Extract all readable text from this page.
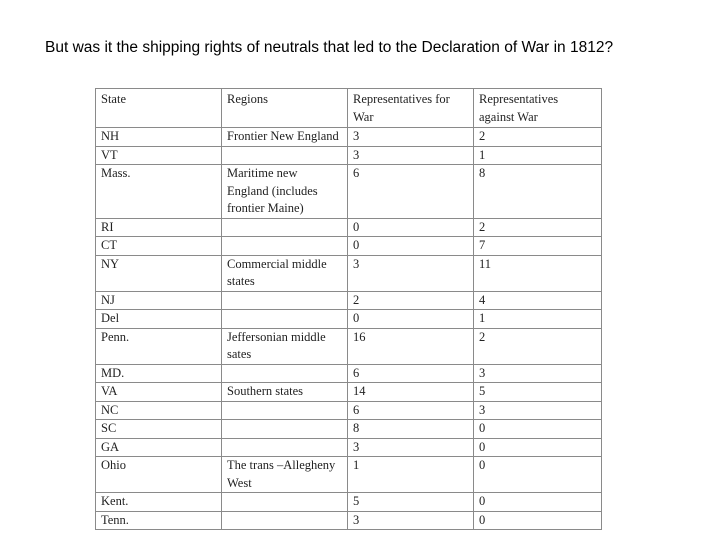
But was it the shipping rights of neutrals that led to the Declaration of War in 1812?
State	Regions	Representatives for War	Representatives against War
NH	Frontier New England	3	2
VT		3	1
Mass.	Maritime new England (includes frontier Maine)	6	8
RI		0	2
CT		0	7
NY	Commercial middle states	3	11
NJ		2	4
Del		0	1
Penn.	Jeffersonian middle sates	16	2
MD.		6	3
VA	Southern states	14	5
NC		6	3
SC		8	0
GA		3	0
Ohio	The trans –Allegheny West	1	0
Kent.		5	0
Tenn.		3	0
